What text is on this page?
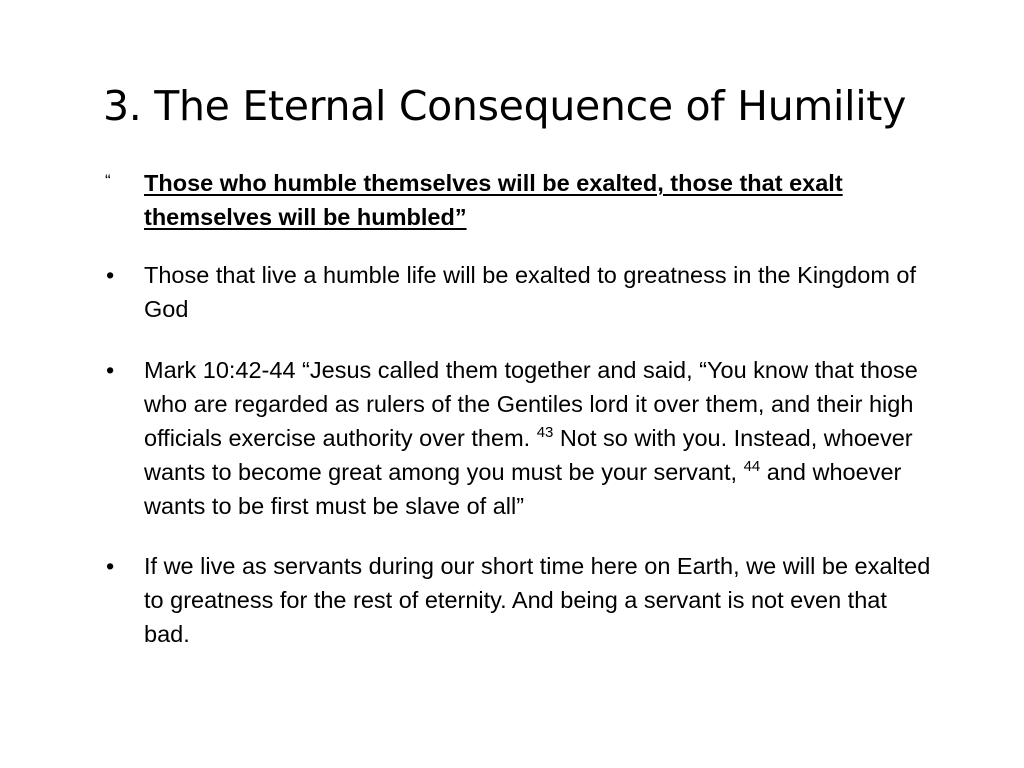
3. The Eternal Consequence of Humility

“ Those who humble themselves will be exalted, those that exalt themselves will be humbled”

• Those that live a humble life will be exalted to greatness in the Kingdom of God

• Mark 10:42-44 “Jesus called them together and said, “You know that those who are regarded as rulers of the Gentiles lord it over them, and their high officials exercise authority over them. $^{43}$ Not so with you. Instead, whoever wants to become great among you must be your servant, $^{44}$ and whoever wants to be first must be slave of all”

• If we live as servants during our short time here on Earth, we will be exalted to greatness for the rest of eternity. And being a servant is not even that bad.
